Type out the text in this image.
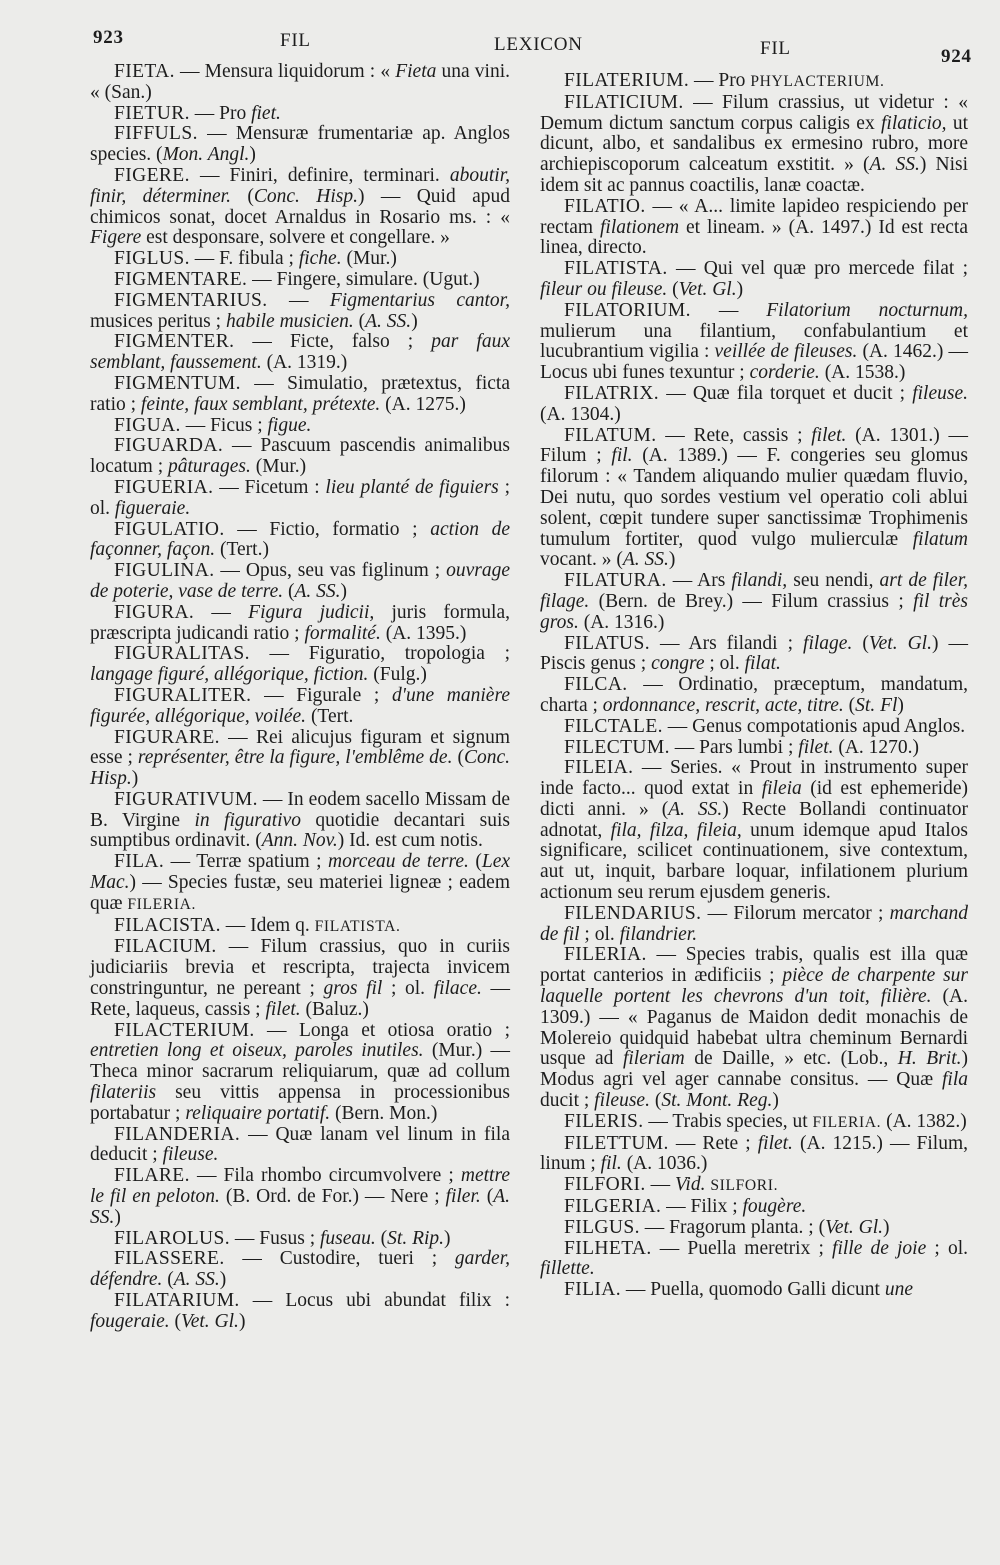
923	FIL	LEXICON	FIL	924

FIETA. — Mensura liquidorum : « Fieta una vini. « (San.)

FIETUR. — Pro fiet.

FIFFULS. — Mensuræ frumentariæ ap. Anglos species. (Mon. Angl.)

FIGERE. — Finiri, definire, terminari. aboutir, finir, déterminer. (Conc. Hisp.) — Quid apud chimicos sonat, docet Arnaldus in Rosario ms. : « Figere est desponsare, solvere et congellare. »

FIGLUS. — F. fibula ; fiche. (Mur.)

FIGMENTARE. — Fingere, simulare. (Ugut.)

FIGMENTARIUS. — Figmentarius cantor, musices peritus ; habile musicien. (A. SS.)

FIGMENTER. — Ficte, falso ; par faux semblant, faussement. (A. 1319.)

FIGMENTUM. — Simulatio, prætextus, ficta ratio ; feinte, faux semblant, prétexte. (A. 1275.)

FIGUA. — Ficus ; figue.

FIGUARDA. — Pascuum pascendis animalibus locatum ; pâturages. (Mur.)

FIGUERIA. — Ficetum : lieu planté de figuiers ; ol. figueraie.

FIGULATIO. — Fictio, formatio ; action de façonner, façon. (Tert.)

FIGULINA. — Opus, seu vas figlinum ; ouvrage de poterie, vase de terre. (A. SS.)

FIGURA. — Figura judicii, juris formula, præscripta judicandi ratio ; formalité. (A. 1395.)

FIGURALITAS. — Figuratio, tropologia ; langage figuré, allégorique, fiction. (Fulg.)

FIGURALITER. — Figurale ; d'une manière figurée, allégorique, voilée. (Tert.

FIGURARE. — Rei alicujus figuram et signum esse ; représenter, être la figure, l'emblême de. (Conc. Hisp.)

FIGURATIVUM. — In eodem sacello Missam de B. Virgine in figurativo quotidie decantari suis sumptibus ordinavit. (Ann. Nov.) Id. est cum notis.

FILA. — Terræ spatium ; morceau de terre. (Lex Mac.) — Species fustæ, seu materiei ligneæ ; eadem quæ FILERIA.

FILACISTA. — Idem q. FILATISTA.

FILACIUM. — Filum crassius, quo in curiis judiciariis brevia et rescripta, trajecta invicem constringuntur, ne pereant ; gros fil ; ol. filace. — Rete, laqueus, cassis ; filet. (Baluz.)

FILACTERIUM. — Longa et otiosa oratio ; entretien long et oiseux, paroles inutiles. (Mur.) — Theca minor sacrarum reliquiarum, quæ ad collum filateriis seu vittis appensa in processionibus portabatur ; reliquaire portatif. (Bern. Mon.)

FILANDERIA. — Quæ lanam vel linum in fila deducit ; fileuse.

FILARE. — Fila rhombo circumvolvere ; mettre le fil en peloton. (B. Ord. de For.) — Nere ; filer. (A. SS.)

FILAROLUS. — Fusus ; fuseau. (St. Rip.)

FILASSERE. — Custodire, tueri ; garder, défendre. (A. SS.)

FILATARIUM. — Locus ubi abundat filix : fougeraie. (Vet. Gl.)

FILATERIUM. — Pro PHYLACTERIUM.

FILATICIUM. — Filum crassius, ut videtur : « Demum dictum sanctum corpus caligis ex filaticio, ut dicunt, albo, et sandalibus ex ermesino rubro, more archiepiscoporum calceatum exstitit. » (A. SS.) Nisi idem sit ac pannus coactilis, lanæ coactæ.

FILATIO. — « A... limite lapideo respiciendo per rectam filationem et lineam. » (A. 1497.) Id est recta linea, directo.

FILATISTA. — Qui vel quæ pro mercede filat ; fileur ou fileuse. (Vet. Gl.)

FILATORIUM. — Filatorium nocturnum, mulierum una filantium, confabulantium et lucubrantium vigilia : veillée de fileuses. (A. 1462.) — Locus ubi funes texuntur ; corderie. (A. 1538.)

FILATRIX. — Quæ fila torquet et ducit ; fileuse. (A. 1304.)

FILATUM. — Rete, cassis ; filet. (A. 1301.) — Filum ; fil. (A. 1389.) — F. congeries seu glomus filorum : « Tandem aliquando mulier quædam fluvio, Dei nutu, quo sordes vestium vel operatio coli ablui solent, cœpit tundere super sanctissimæ Trophimenis tumulum fortiter, quod vulgo mulierculæ filatum vocant. » (A. SS.)

FILATURA. — Ars filandi, seu nendi, art de filer, filage. (Bern. de Brey.) — Filum crassius ; fil très gros. (A. 1316.)

FILATUS. — Ars filandi ; filage. (Vet. Gl.) — Piscis genus ; congre ; ol. filat.

FILCA. — Ordinatio, præceptum, mandatum, charta ; ordonnance, rescrit, acte, titre. (St. Fl)

FILCTALE. — Genus compotationis apud Anglos.

FILECTUM. — Pars lumbi ; filet. (A. 1270.)

FILEIA. — Series. « Prout in instrumento super inde facto... quod extat in fileia (id est ephemeride) dicti anni. » (A. SS.) Recte Bollandi continuator adnotat, fila, filza, fileia, unum idemque apud Italos significare, scilicet continuationem, sive contextum, aut ut, inquit, barbare loquar, infilationem plurium actionum seu rerum ejusdem generis.

FILENDARIUS. — Filorum mercator ; marchand de fil ; ol. filandrier.

FILERIA. — Species trabis, qualis est illa quæ portat canterios in ædificiis ; pièce de charpente sur laquelle portent les chevrons d'un toit, filière. (A. 1309.) — « Paganus de Maidon dedit monachis de Molereio quidquid habebat ultra cheminum Bernardi usque ad fileriam de Daille, » etc. (Lob., H. Brit.) Modus agri vel ager cannabe consitus. — Quæ fila ducit ; fileuse. (St. Mont. Reg.)

FILERIS. — Trabis species, ut FILERIA. (A. 1382.)

FILETTUM. — Rete ; filet. (A. 1215.) — Filum, linum ; fil. (A. 1036.)

FILFORI. — Vid. SILFORI.

FILGERIA. — Filix ; fougère.

FILGUS. — Fragorum planta. ; (Vet. Gl.)

FILHETA. — Puella meretrix ; fille de joie ; ol. fillette.

FILIA. — Puella, quomodo Galli dicunt une
